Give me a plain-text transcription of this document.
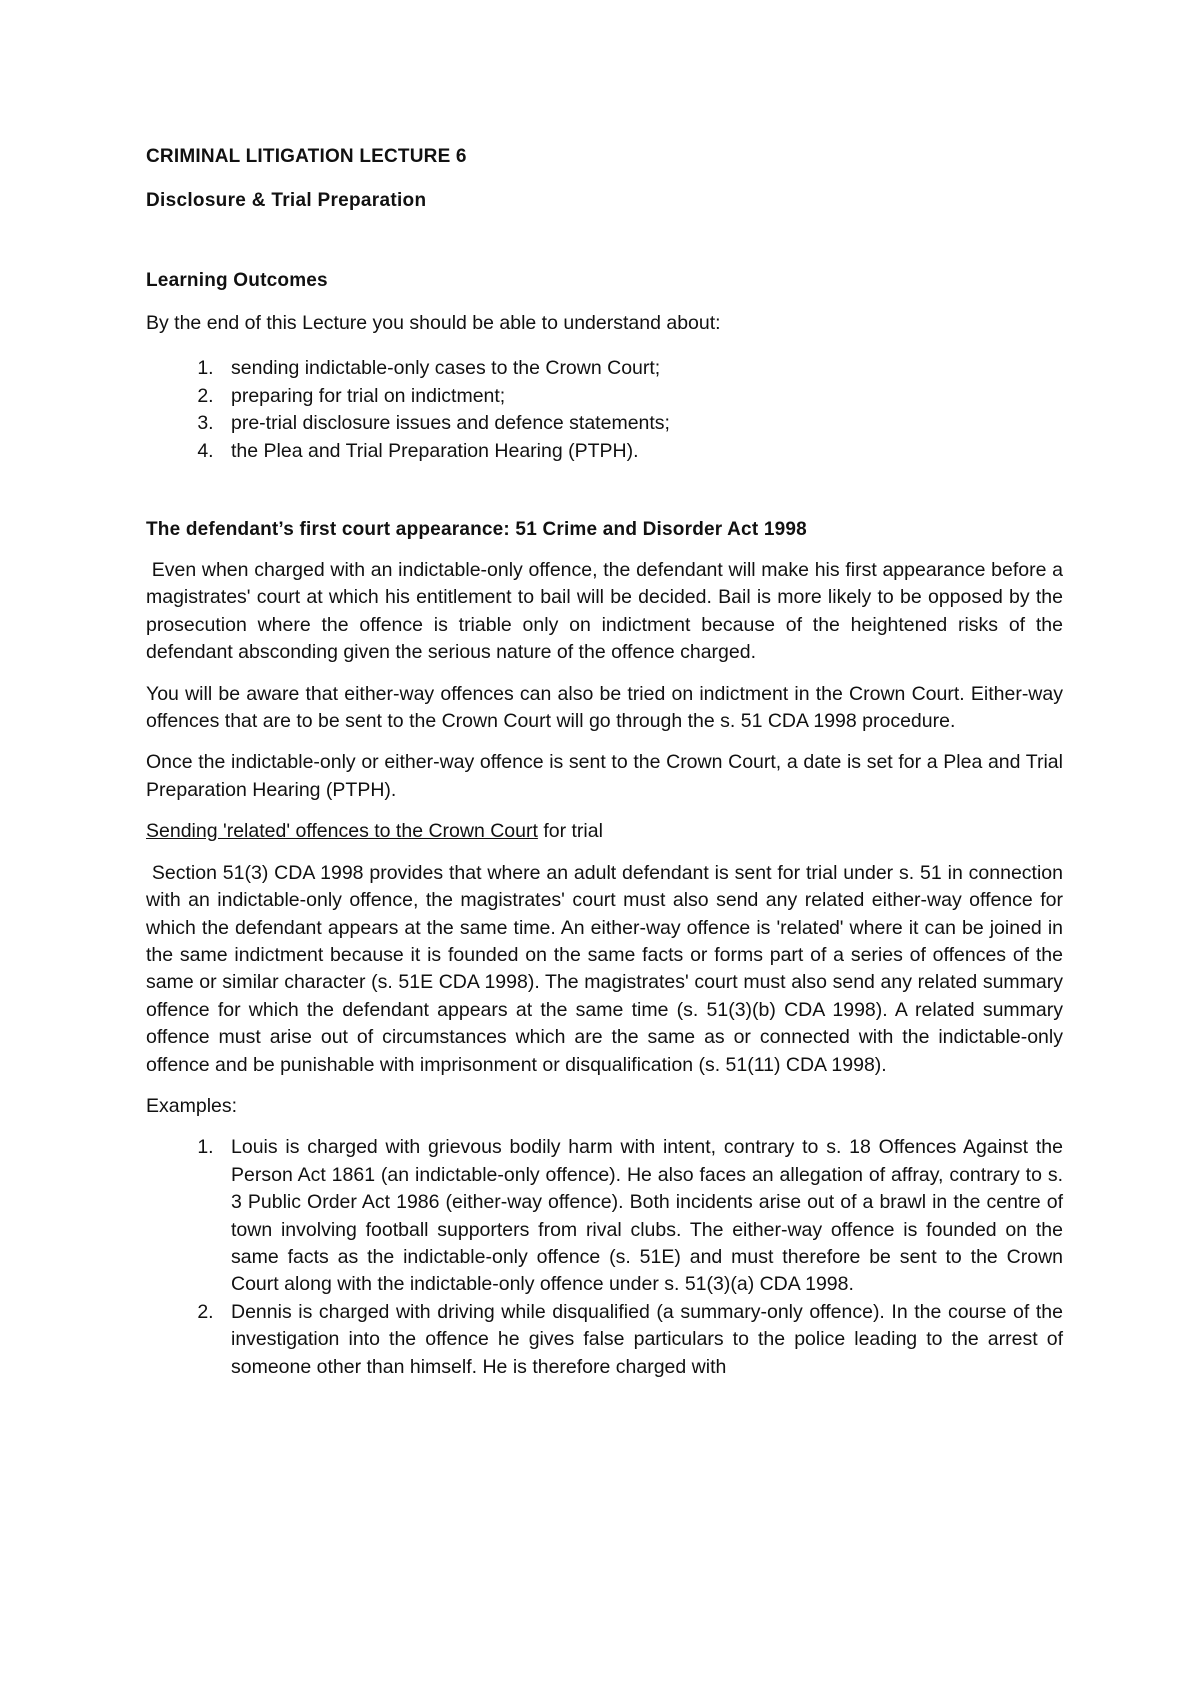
CRIMINAL LITIGATION LECTURE 6
Disclosure & Trial Preparation
Learning Outcomes

By the end of this Lecture you should be able to understand about:

1. sending indictable-only cases to the Crown Court;
2. preparing for trial on indictment;
3. pre-trial disclosure issues and defence statements;
4. the Plea and Trial Preparation Hearing (PTPH).
The defendant’s first court appearance: 51 Crime and Disorder Act 1998

Even when charged with an indictable-only offence, the defendant will make his first appearance before a magistrates' court at which his entitlement to bail will be decided. Bail is more likely to be opposed by the prosecution where the offence is triable only on indictment because of the heightened risks of the defendant absconding given the serious nature of the offence charged.

You will be aware that either-way offences can also be tried on indictment in the Crown Court. Either-way offences that are to be sent to the Crown Court will go through the s. 51 CDA 1998 procedure.

Once the indictable-only or either-way offence is sent to the Crown Court, a date is set for a Plea and Trial Preparation Hearing (PTPH).

Sending 'related' offences to the Crown Court for trial

Section 51(3) CDA 1998 provides that where an adult defendant is sent for trial under s. 51 in connection with an indictable-only offence, the magistrates' court must also send any related either-way offence for which the defendant appears at the same time. An either-way offence is 'related' where it can be joined in the same indictment because it is founded on the same facts or forms part of a series of offences of the same or similar character (s. 51E CDA 1998). The magistrates' court must also send any related summary offence for which the defendant appears at the same time (s. 51(3)(b) CDA 1998). A related summary offence must arise out of circumstances which are the same as or connected with the indictable-only offence and be punishable with imprisonment or disqualification (s. 51(11) CDA 1998).

Examples:

1. Louis is charged with grievous bodily harm with intent, contrary to s. 18 Offences Against the Person Act 1861 (an indictable-only offence). He also faces an allegation of affray, contrary to s. 3 Public Order Act 1986 (either-way offence). Both incidents arise out of a brawl in the centre of town involving football supporters from rival clubs. The either-way offence is founded on the same facts as the indictable-only offence (s. 51E) and must therefore be sent to the Crown Court along with the indictable-only offence under s. 51(3)(a) CDA 1998.
2. Dennis is charged with driving while disqualified (a summary-only offence). In the course of the investigation into the offence he gives false particulars to the police leading to the arrest of someone other than himself. He is therefore charged with
